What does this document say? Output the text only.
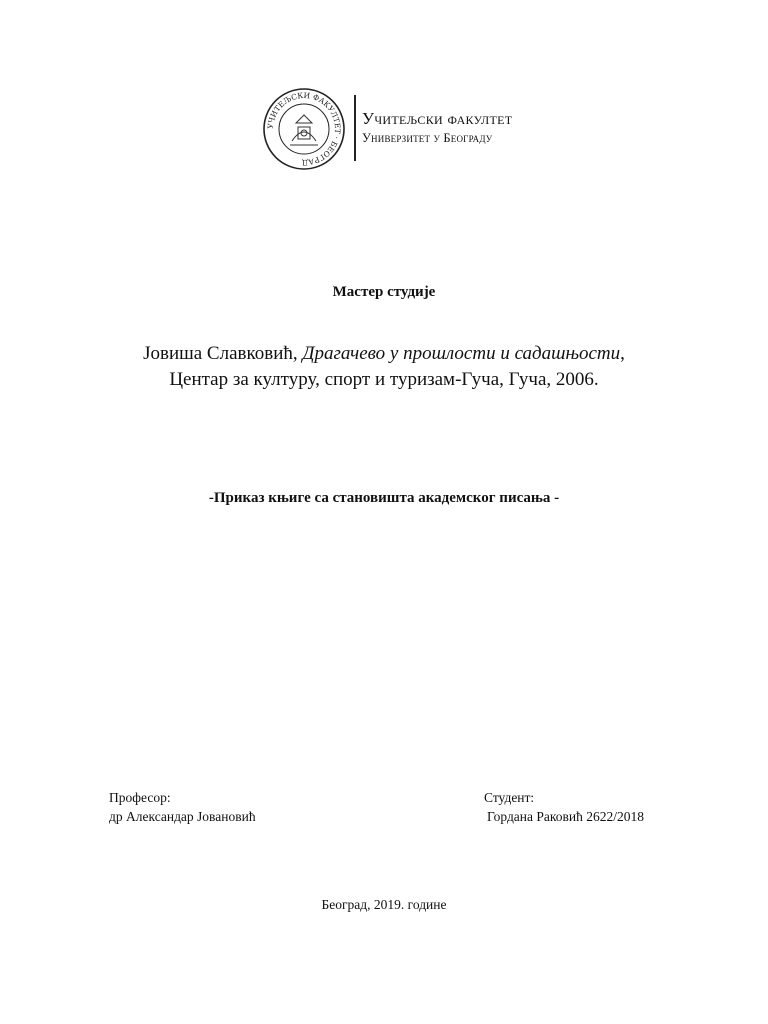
УЧИТЕЉСКИ ФАКУЛТЕТ · БЕОГРАД
Учитељски факултет
Универзитет у Београду
Мастер студије
Јовиша Славковић, Драгачево у прошлости и садашњости,
Центар за културу, спорт и туризам-Гуча, Гуча, 2006.
-Приказ књиге са становишта академског писања -
Професор:
др Александар Јовановић
Студент:
Гордана Раковић 2622/2018
Београд, 2019. године
